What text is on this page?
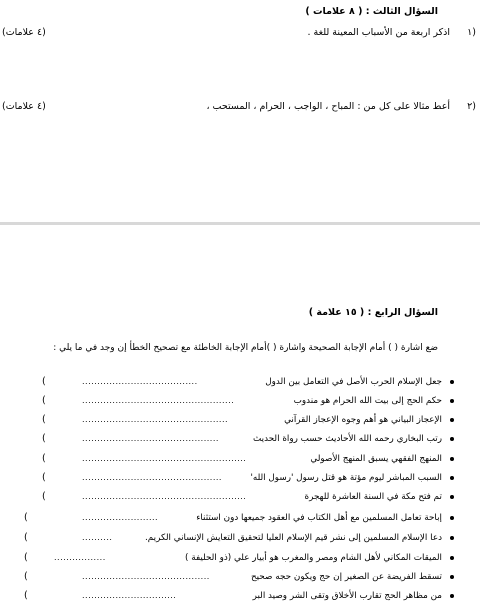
السؤال الثالث : ( ٨ علامات )
١)
اذكر اربعة من الأسباب المعينة للغة .
(٤ علامات)
٢)
أعط مثالا على كل من : المباح ، الواجب ، الحرام ، المستحب ،
(٤ علامات)
السؤال الرابع : ( ١٥ علامة )
ضع اشارة ( ) أمام الإجابة الصحيحة واشارة ( )أمام الإجابة الخاطئة مع تصحيح الخطأ إن وجد في ما يلي :
جعل الإسلام الحرب الأصل في التعامل بين الدول
......................................
(
حكم الحج إلى بيت الله الحرام هو مندوب
..................................................
(
الإعجاز البياني هو أهم وجوه الإعجاز القرآني
................................................
(
رتب البخاري رحمه الله الأحاديث حسب رواة الحديث
.............................................
(
المنهج الفقهي يسبق المنهج الأصولي
......................................................
(
السبب المباشر ليوم مؤتة هو قتل رسول 'رسول الله'
..............................................
(
تم فتح مكة في السنة العاشرة للهجرة
......................................................
(
إباحة تعامل المسلمين مع أهل الكتاب في العقود جميعها دون استثناء
.........................
(
دعا الإسلام المسلمين إلى نشر قيم الإسلام العليا لتحقيق التعايش الإنساني الكريم.
..........
(
الميقات المكاني لأهل الشام ومصر والمغرب هو أبيار علي (ذو الحليفة )
.................
(
تسقط الفريضة عن الصغير إن حج ويكون حجه صحيح
..........................................
(
من مظاهر الحج تقارب الأخلاق وتقى الشر وصيد البر
...............................
(
